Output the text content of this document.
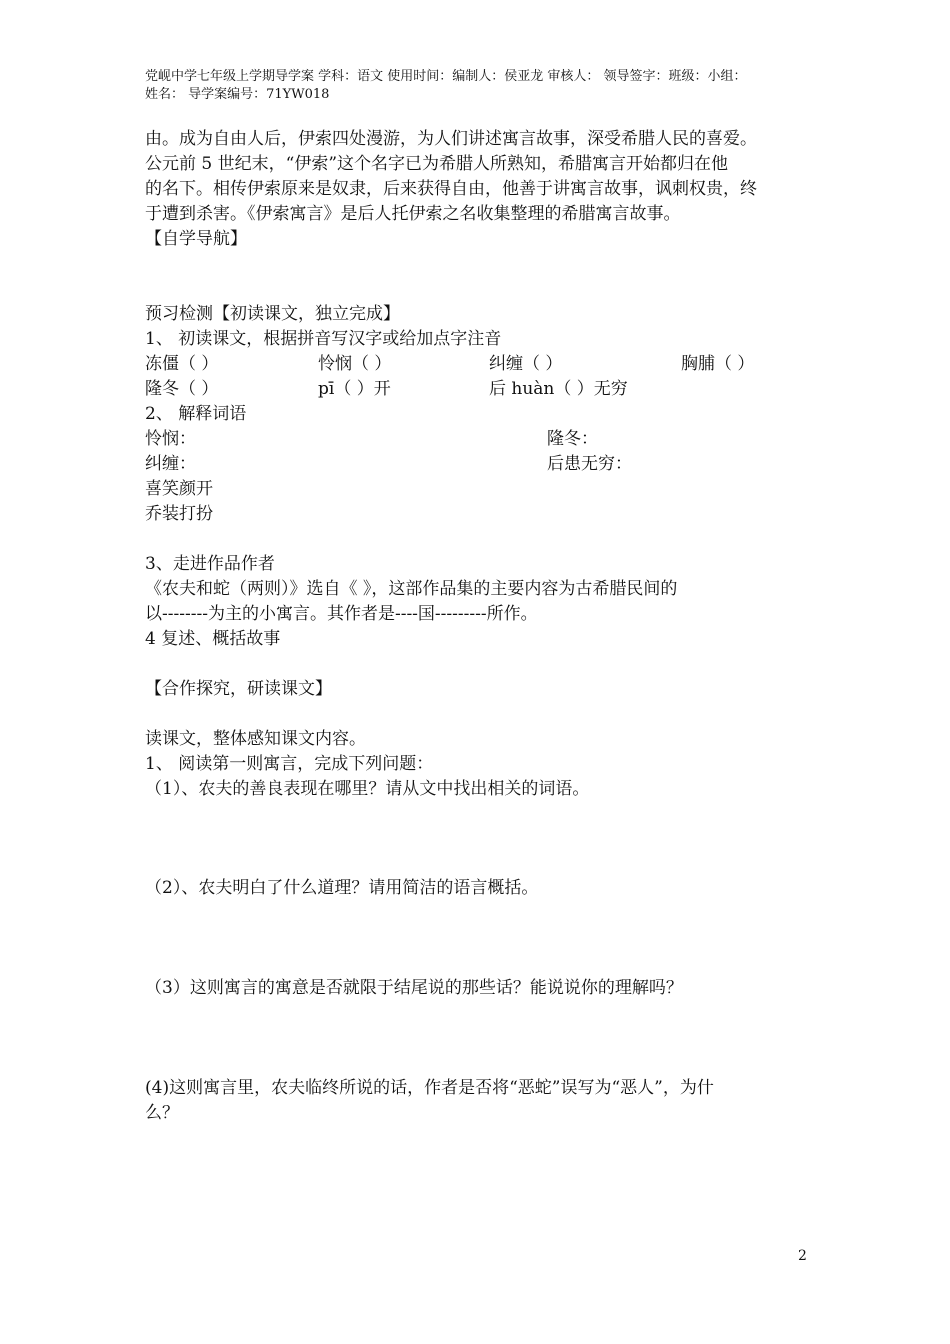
党岘中学七年级上学期导学案 学科：语文 使用时间：编制人：侯亚龙 审核人： 领导签字：班级：小组：
姓名： 导学案编号：71YW018
由。成为自由人后，伊索四处漫游，为人们讲述寓言故事，深受希腊人民的喜爱。
公元前 5 世纪末，“伊索”这个名字已为希腊人所熟知，希腊寓言开始都归在他
的名下。相传伊索原来是奴隶，后来获得自由，他善于讲寓言故事，讽刺权贵，终
于遭到杀害。《伊索寓言》是后人托伊索之名收集整理的希腊寓言故事。
【自学导航】
预习检测【初读课文，独立完成】
1、 初读课文，根据拼音写汉字或给加点字注音
冻僵（ ）	怜悯（ ）	纠缠（ ）	胸脯（ ）
隆冬（ ）	pī（ ）开	后 huàn（ ）无穷
2、 解释词语
怜悯：	隆冬：
纠缠：	后患无穷：
喜笑颜开
乔装打扮
3、走进作品作者
《农夫和蛇（两则）》选自《 》，这部作品集的主要内容为古希腊民间的
以--------为主的小寓言。其作者是----国---------所作。
4 复述、概括故事
【合作探究，研读课文】
读课文，整体感知课文内容。
1、 阅读第一则寓言，完成下列问题：
（1）、农夫的善良表现在哪里？请从文中找出相关的词语。
（2）、农夫明白了什么道理？请用简洁的语言概括。
（3）这则寓言的寓意是否就限于结尾说的那些话？能说说你的理解吗？
(4)这则寓言里，农夫临终所说的话，作者是否将“恶蛇”误写为“恶人”，为什
么？
2
